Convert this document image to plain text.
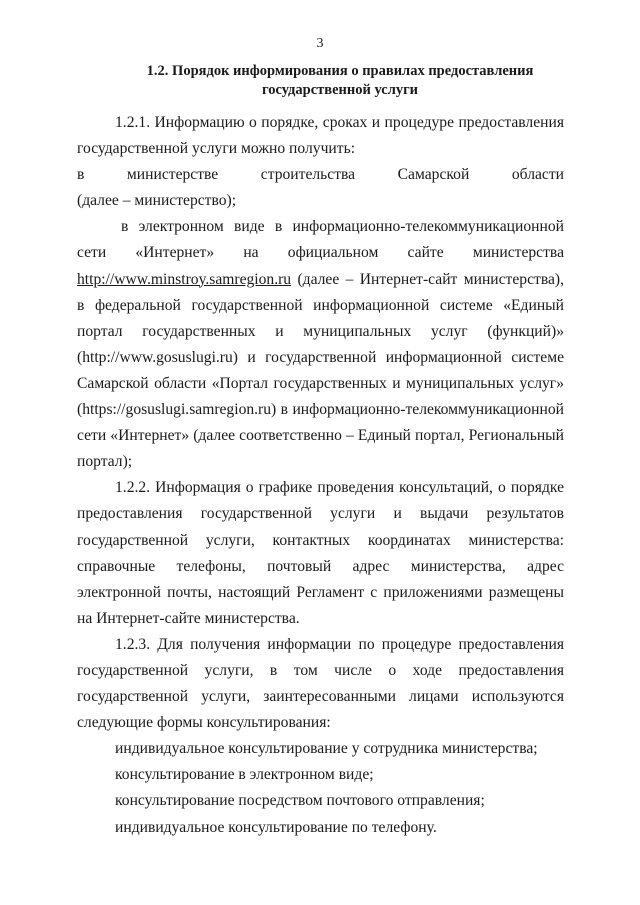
3
1.2. Порядок информирования о правилах предоставления государственной услуги

1.2.1. Информацию о порядке, сроках и процедуре предоставления государственной услуги можно получить:

в министерстве строительства Самарской области

(далее – министерство);

в электронном виде в информационно-телекоммуникационной сети «Интернет» на официальном сайте министерства http://www.minstroy.samregion.ru (далее – Интернет-сайт министерства), в федеральной государственной информационной системе «Единый портал государственных и муниципальных услуг (функций)» (http://www.gosuslugi.ru) и государственной информационной системе Самарской области «Портал государственных и муниципальных услуг» (https://gosuslugi.samregion.ru) в информационно-телекоммуникационной сети «Интернет» (далее соответственно – Единый портал, Региональный портал);

1.2.2. Информация о графике проведения консультаций, о порядке предоставления государственной услуги и выдачи результатов государственной услуги, контактных координатах министерства: справочные телефоны, почтовый адрес министерства, адрес электронной почты, настоящий Регламент с приложениями размещены на Интернет-сайте министерства.

1.2.3. Для получения информации по процедуре предоставления государственной услуги, в том числе о ходе предоставления государственной услуги, заинтересованными лицами используются следующие формы консультирования:

индивидуальное консультирование у сотрудника министерства;

консультирование в электронном виде;

консультирование посредством почтового отправления;

индивидуальное консультирование по телефону.
